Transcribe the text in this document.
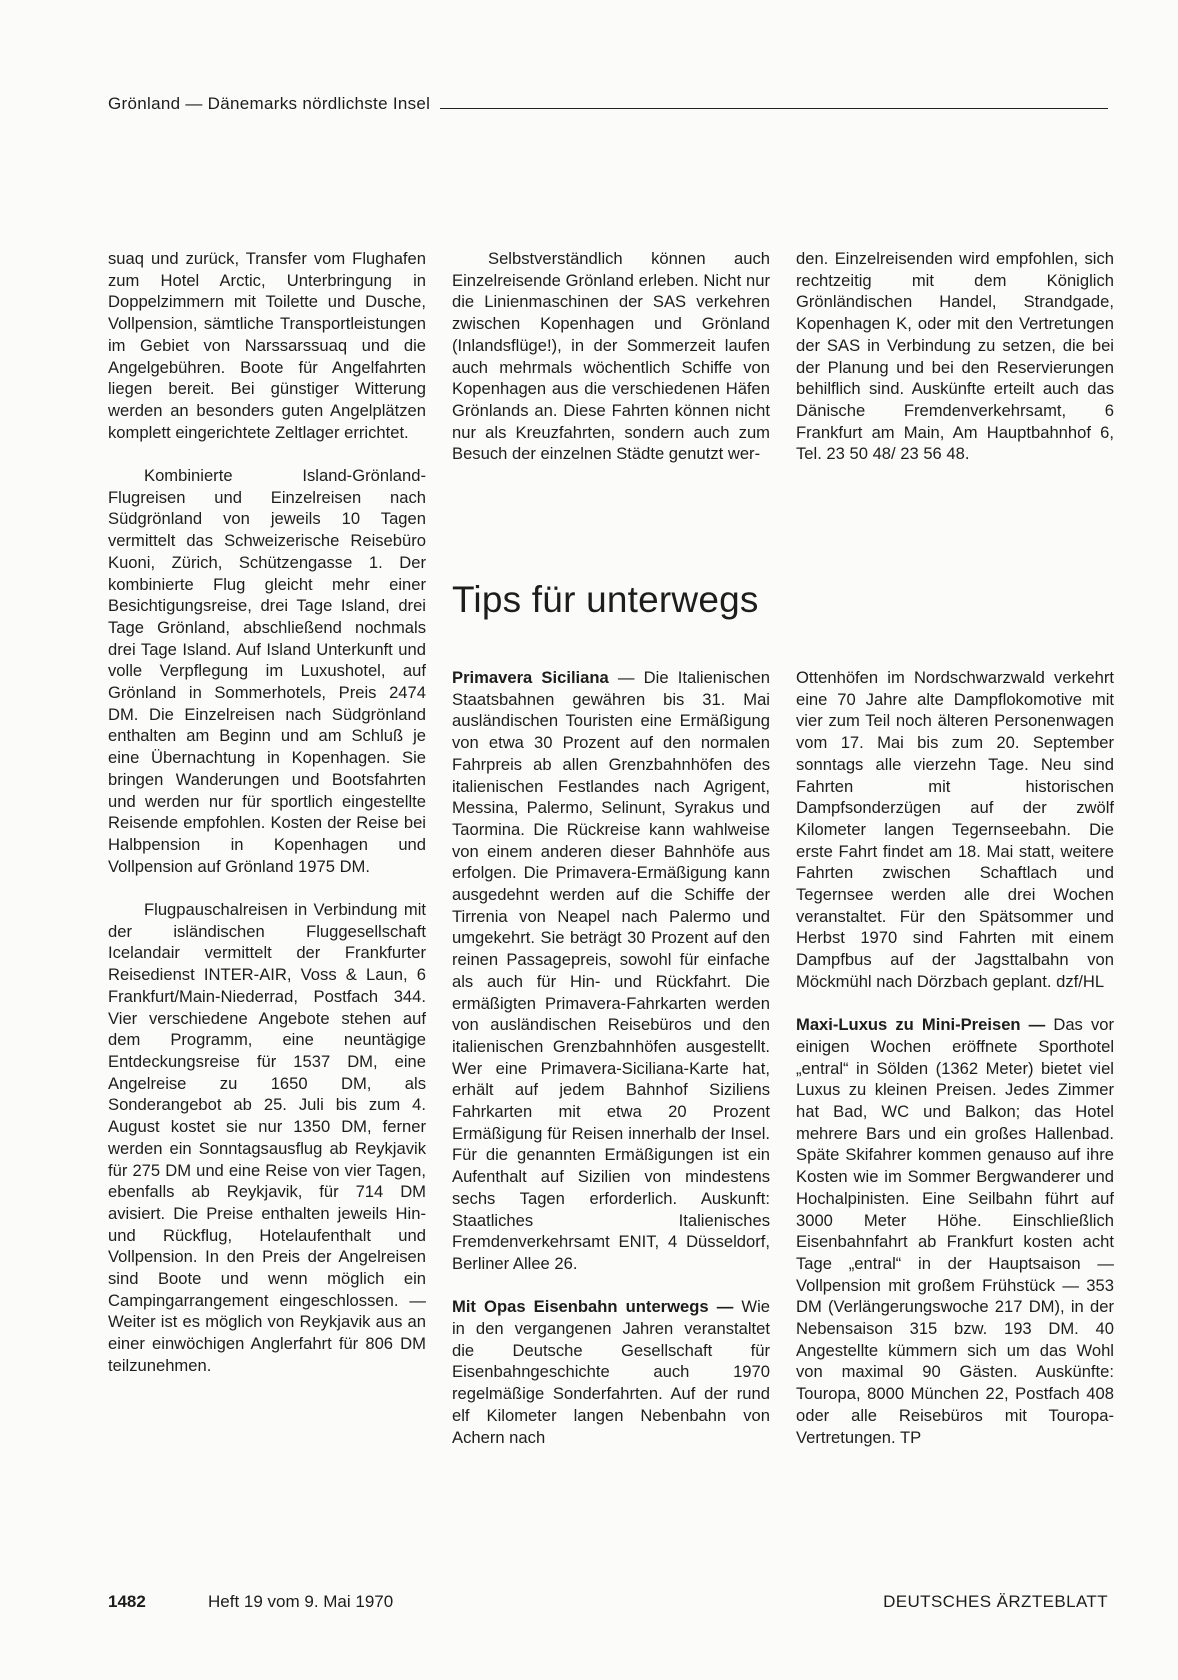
Grönland — Dänemarks nördlichste Insel

suaq und zurück, Transfer vom Flughafen zum Hotel Arctic, Unterbringung in Doppelzimmern mit Toilette und Dusche, Vollpension, sämtliche Transportleistungen im Gebiet von Narssarssuaq und die Angelgebühren. Boote für Angelfahrten liegen bereit. Bei günstiger Witterung werden an besonders guten Angelplätzen komplett eingerichtete Zeltlager errichtet.

Kombinierte Island-Grönland-Flugreisen und Einzelreisen nach Südgrönland von jeweils 10 Tagen vermittelt das Schweizerische Reisebüro Kuoni, Zürich, Schützengasse 1. Der kombinierte Flug gleicht mehr einer Besichtigungsreise, drei Tage Island, drei Tage Grönland, abschließend nochmals drei Tage Island. Auf Island Unterkunft und volle Verpflegung im Luxushotel, auf Grönland in Sommerhotels, Preis 2474 DM. Die Einzelreisen nach Südgrönland enthalten am Beginn und am Schluß je eine Übernachtung in Kopenhagen. Sie bringen Wanderungen und Bootsfahrten und werden nur für sportlich eingestellte Reisende empfohlen. Kosten der Reise bei Halbpension in Kopenhagen und Vollpension auf Grönland 1975 DM.

Flugpauschalreisen in Verbindung mit der isländischen Fluggesellschaft Icelandair vermittelt der Frankfurter Reisedienst INTER-AIR, Voss & Laun, 6 Frankfurt/Main-Niederrad, Postfach 344. Vier verschiedene Angebote stehen auf dem Programm, eine neuntägige Entdeckungsreise für 1537 DM, eine Angelreise zu 1650 DM, als Sonderangebot ab 25. Juli bis zum 4. August kostet sie nur 1350 DM, ferner werden ein Sonntagsausflug ab Reykjavik für 275 DM und eine Reise von vier Tagen, ebenfalls ab Reykjavik, für 714 DM avisiert. Die Preise enthalten jeweils Hin- und Rückflug, Hotelaufenthalt und Vollpension. In den Preis der Angelreisen sind Boote und wenn möglich ein Campingarrangement eingeschlossen. — Weiter ist es möglich von Reykjavik aus an einer einwöchigen Anglerfahrt für 806 DM teilzunehmen.

Selbstverständlich können auch Einzelreisende Grönland erleben. Nicht nur die Linienmaschinen der SAS verkehren zwischen Kopenhagen und Grönland (Inlandsflüge!), in der Sommerzeit laufen auch mehrmals wöchentlich Schiffe von Kopenhagen aus die verschiedenen Häfen Grönlands an. Diese Fahrten können nicht nur als Kreuzfahrten, sondern auch zum Besuch der einzelnen Städte genutzt wer-

den. Einzelreisenden wird empfohlen, sich rechtzeitig mit dem Königlich Grönländischen Handel, Strandgade, Kopenhagen K, oder mit den Vertretungen der SAS in Verbindung zu setzen, die bei der Planung und bei den Reservierungen behilflich sind. Auskünfte erteilt auch das Dänische Fremdenverkehrsamt, 6 Frankfurt am Main, Am Hauptbahnhof 6, Tel. 23 50 48/ 23 56 48.

Tips für unterwegs

Primavera Siciliana — Die Italienischen Staatsbahnen gewähren bis 31. Mai ausländischen Touristen eine Ermäßigung von etwa 30 Prozent auf den normalen Fahrpreis ab allen Grenzbahnhöfen des italienischen Festlandes nach Agrigent, Messina, Palermo, Selinunt, Syrakus und Taormina. Die Rückreise kann wahlweise von einem anderen dieser Bahnhöfe aus erfolgen. Die Primavera-Ermäßigung kann ausgedehnt werden auf die Schiffe der Tirrenia von Neapel nach Palermo und umgekehrt. Sie beträgt 30 Prozent auf den reinen Passagepreis, sowohl für einfache als auch für Hin- und Rückfahrt. Die ermäßigten Primavera-Fahrkarten werden von ausländischen Reisebüros und den italienischen Grenzbahnhöfen ausgestellt. Wer eine Primavera-Siciliana-Karte hat, erhält auf jedem Bahnhof Siziliens Fahrkarten mit etwa 20 Prozent Ermäßigung für Reisen innerhalb der Insel. Für die genannten Ermäßigungen ist ein Aufenthalt auf Sizilien von mindestens sechs Tagen erforderlich. Auskunft: Staatliches Italienisches Fremdenverkehrsamt ENIT, 4 Düsseldorf, Berliner Allee 26.

Mit Opas Eisenbahn unterwegs — Wie in den vergangenen Jahren veranstaltet die Deutsche Gesellschaft für Eisenbahngeschichte auch 1970 regelmäßige Sonderfahrten. Auf der rund elf Kilometer langen Nebenbahn von Achern nach

Ottenhöfen im Nordschwarzwald verkehrt eine 70 Jahre alte Dampflokomotive mit vier zum Teil noch älteren Personenwagen vom 17. Mai bis zum 20. September sonntags alle vierzehn Tage. Neu sind Fahrten mit historischen Dampfsonderzügen auf der zwölf Kilometer langen Tegernseebahn. Die erste Fahrt findet am 18. Mai statt, weitere Fahrten zwischen Schaftlach und Tegernsee werden alle drei Wochen veranstaltet. Für den Spätsommer und Herbst 1970 sind Fahrten mit einem Dampfbus auf der Jagsttalbahn von Möckmühl nach Dörzbach geplant. dzf/HL

Maxi-Luxus zu Mini-Preisen — Das vor einigen Wochen eröffnete Sporthotel „entral“ in Sölden (1362 Meter) bietet viel Luxus zu kleinen Preisen. Jedes Zimmer hat Bad, WC und Balkon; das Hotel mehrere Bars und ein großes Hallenbad. Späte Skifahrer kommen genauso auf ihre Kosten wie im Sommer Bergwanderer und Hochalpinisten. Eine Seilbahn führt auf 3000 Meter Höhe. Einschließlich Eisenbahnfahrt ab Frankfurt kosten acht Tage „entral“ in der Hauptsaison — Vollpension mit großem Frühstück — 353 DM (Verlängerungswoche 217 DM), in der Nebensaison 315 bzw. 193 DM. 40 Angestellte kümmern sich um das Wohl von maximal 90 Gästen. Auskünfte: Touropa, 8000 München 22, Postfach 408 oder alle Reisebüros mit Touropa-Vertretungen. TP

1482	Heft 19 vom 9. Mai 1970	DEUTSCHES ÄRZTEBLATT
